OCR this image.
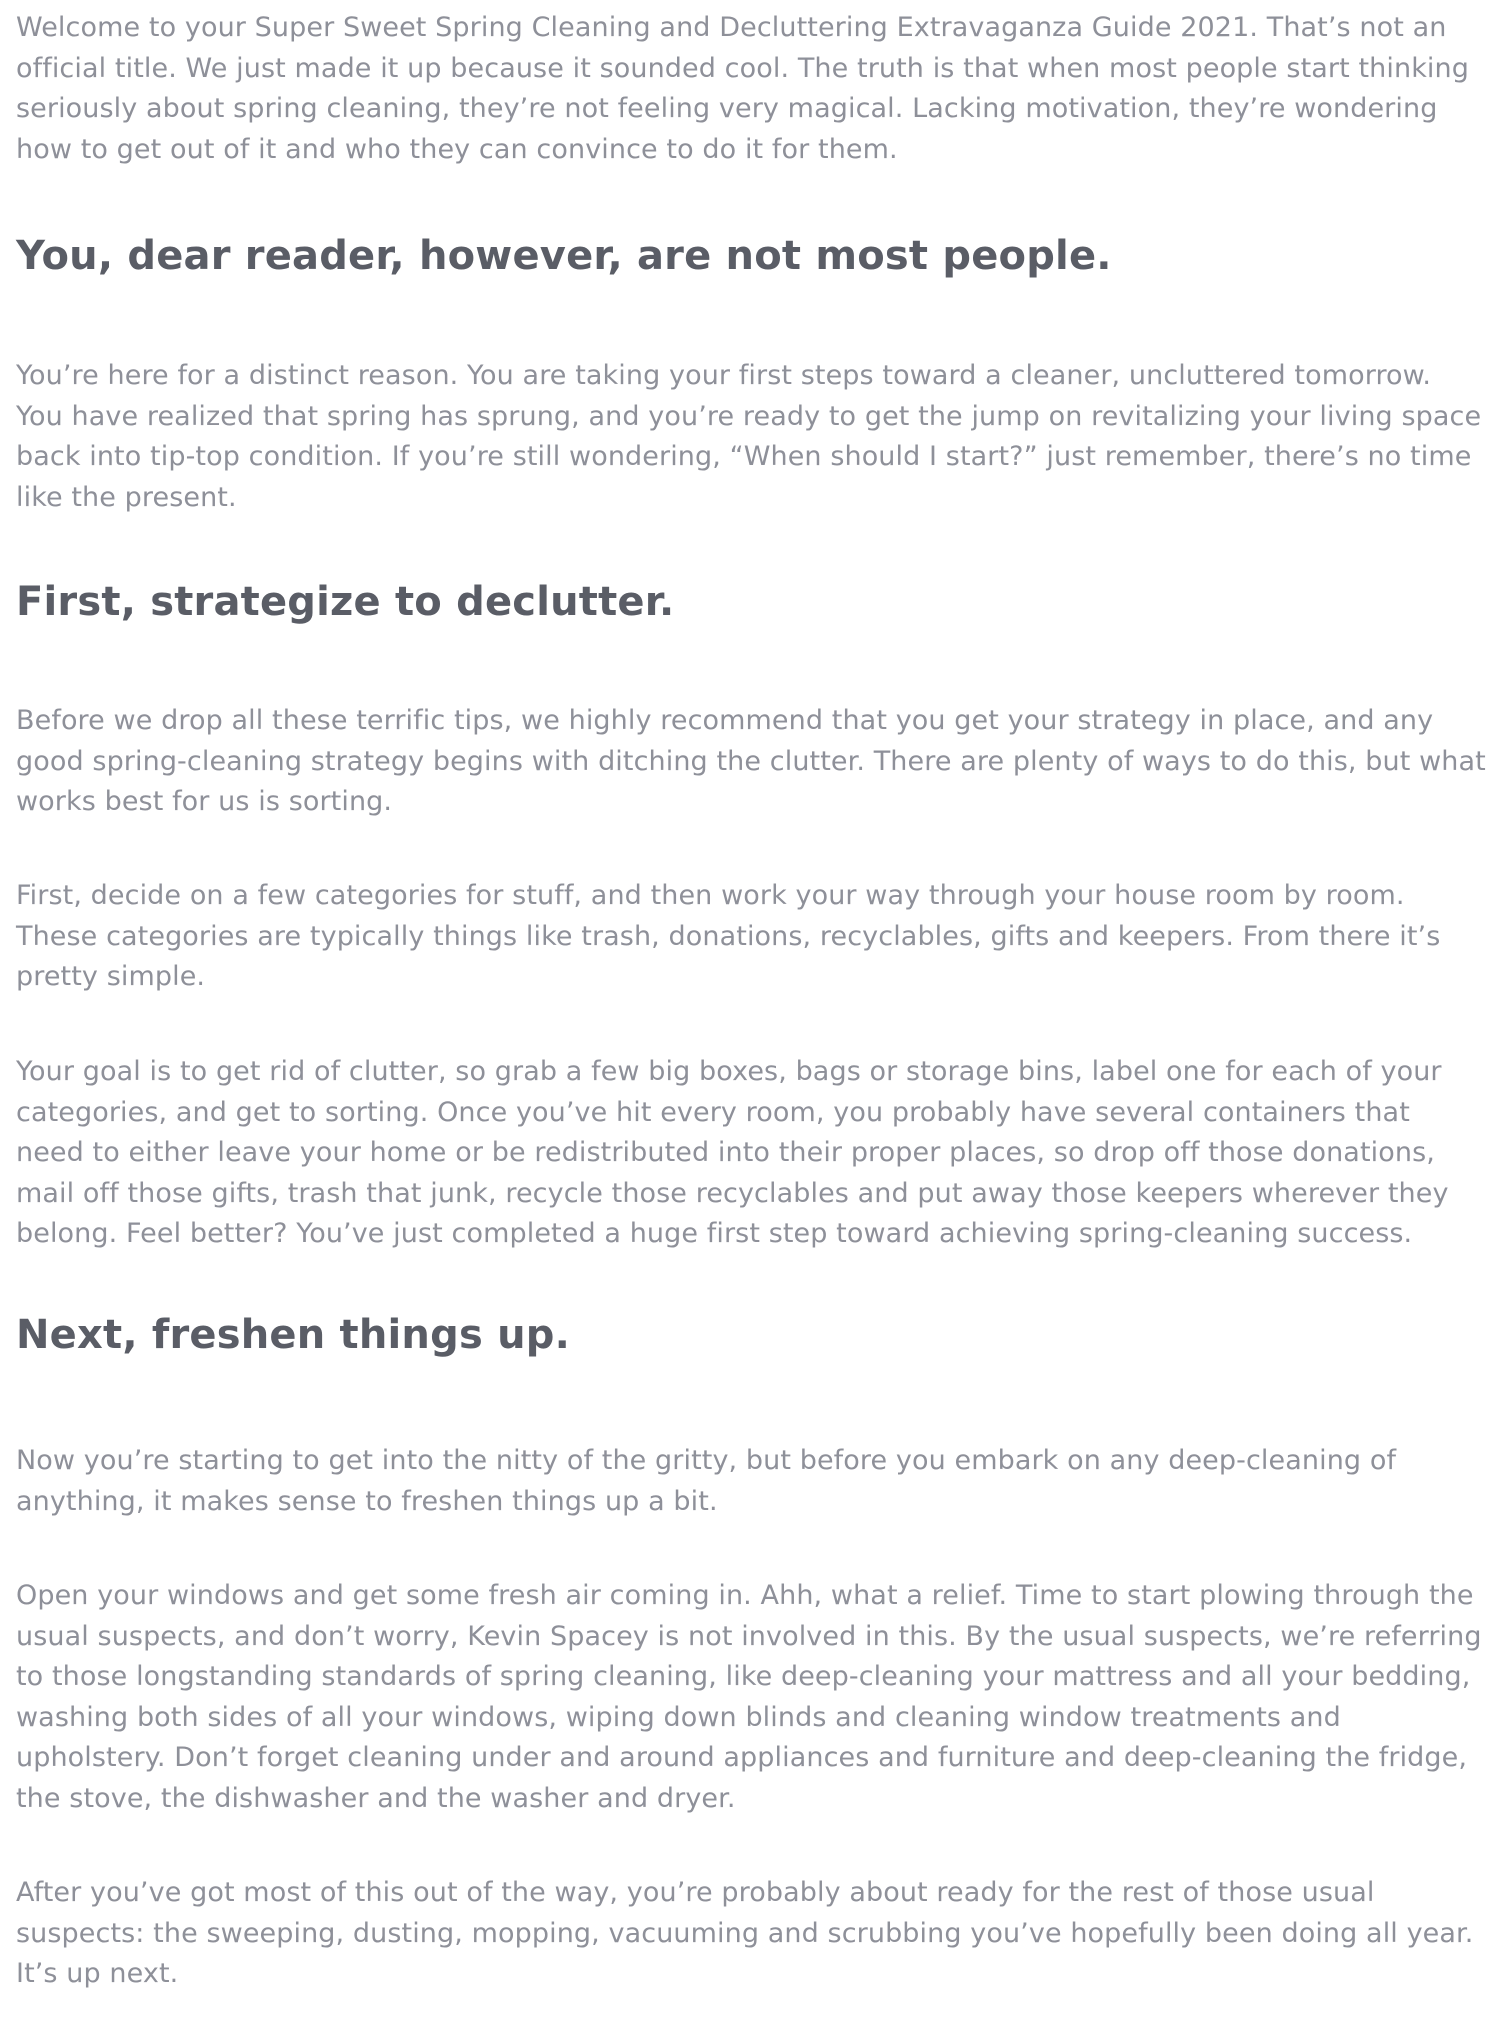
Welcome to your Super Sweet Spring Cleaning and Decluttering Extravaganza Guide 2021. That’s not an official title. We just made it up because it sounded cool. The truth is that when most people start thinking seriously about spring cleaning, they’re not feeling very magical. Lacking motivation, they’re wondering how to get out of it and who they can convince to do it for them.

You, dear reader, however, are not most people.

You’re here for a distinct reason. You are taking your first steps toward a cleaner, uncluttered tomorrow. You have realized that spring has sprung, and you’re ready to get the jump on revitalizing your living space back into tip-top condition. If you’re still wondering, “When should I start?” just remember, there’s no time like the present.

First, strategize to declutter.

Before we drop all these terrific tips, we highly recommend that you get your strategy in place, and any good spring-cleaning strategy begins with ditching the clutter. There are plenty of ways to do this, but what works best for us is sorting.

First, decide on a few categories for stuff, and then work your way through your house room by room. These categories are typically things like trash, donations, recyclables, gifts and keepers. From there it’s pretty simple.

Your goal is to get rid of clutter, so grab a few big boxes, bags or storage bins, label one for each of your categories, and get to sorting. Once you’ve hit every room, you probably have several containers that need to either leave your home or be redistributed into their proper places, so drop off those donations, mail off those gifts, trash that junk, recycle those recyclables and put away those keepers wherever they belong. Feel better? You’ve just completed a huge first step toward achieving spring-cleaning success.

Next, freshen things up.

Now you’re starting to get into the nitty of the gritty, but before you embark on any deep-cleaning of anything, it makes sense to freshen things up a bit.

Open your windows and get some fresh air coming in. Ahh, what a relief. Time to start plowing through the usual suspects, and don’t worry, Kevin Spacey is not involved in this. By the usual suspects, we’re referring to those longstanding standards of spring cleaning, like deep-cleaning your mattress and all your bedding, washing both sides of all your windows, wiping down blinds and cleaning window treatments and upholstery. Don’t forget cleaning under and around appliances and furniture and deep-cleaning the fridge, the stove, the dishwasher and the washer and dryer.

After you’ve got most of this out of the way, you’re probably about ready for the rest of those usual suspects: the sweeping, dusting, mopping, vacuuming and scrubbing you’ve hopefully been doing all year. It’s up next.
